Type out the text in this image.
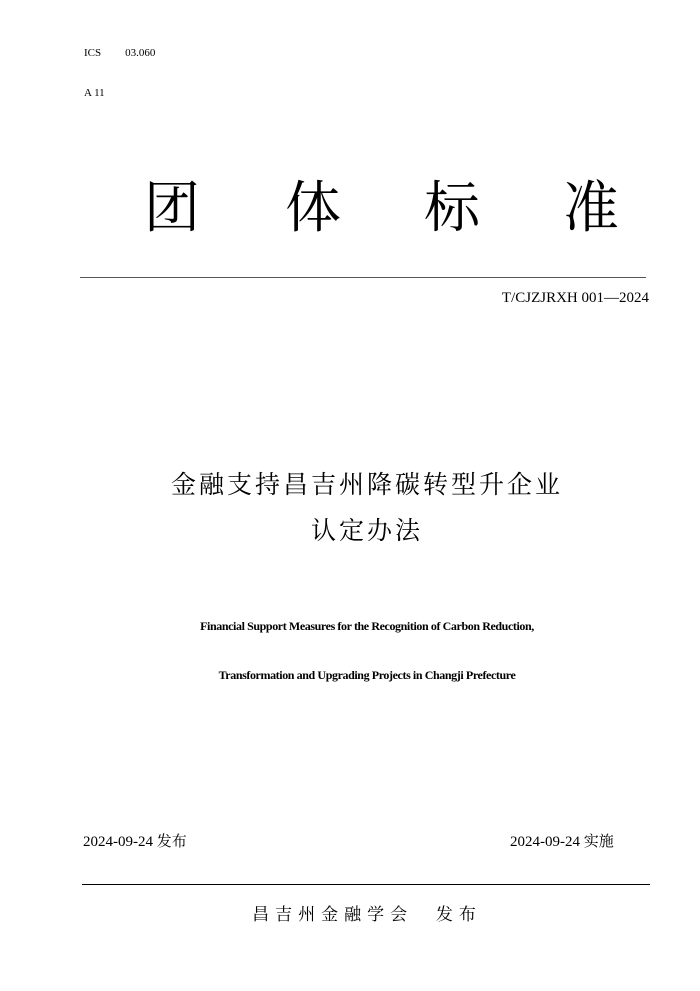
ICS 03.060
A 11
团 体 标 准
T/CJZJRXH 001—2024
金融支持昌吉州降碳转型升企业
认定办法
Financial Support Measures for the Recognition of Carbon Reduction,
Transformation and Upgrading Projects in Changji Prefecture
2024-09-24 发布	2024-09-24 实施
昌吉州金融学会  发布
